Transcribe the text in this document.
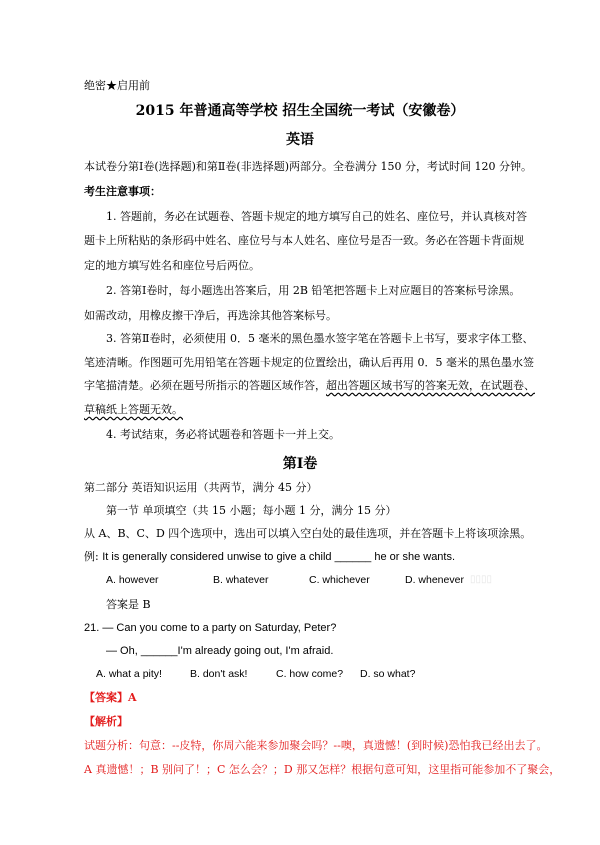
绝密★启用前
2015 年普通高等学校 招生全国统一考试（安徽卷）
英语
本试卷分第Ⅰ卷(选择题)和第Ⅱ卷(非选择题)两部分。全卷满分 150 分，考试时间 120 分钟。
考生注意事项：
1. 答题前，务必在试题卷、答题卡规定的地方填写自己的姓名、座位号，并认真核对答
题卡上所粘贴的条形码中姓名、座位号与本人姓名、座位号是否一致。务必在答题卡背面规
定的地方填写姓名和座位号后两位。
2. 答第Ⅰ卷时，每小题选出答案后，用 2B 铅笔把答题卡上对应题目的答案标号涂黑。
如需改动，用橡皮擦干净后，再选涂其他答案标号。
3. 答第Ⅱ卷时，必须使用 0．5 毫米的黑色墨水签字笔在答题卡上书写，要求字体工整、
笔迹清晰。作图题可先用铅笔在答题卡规定的位置绘出，确认后再用 0．5 毫米的黑色墨水签
字笔描清楚。必须在题号所指示的答题区域作答，超出答题区域书写的答案无效，在试题卷、
草稿纸上答题无效。
4. 考试结束，务必将试题卷和答题卡一并上交。
第Ⅰ卷
第二部分 英语知识运用（共两节，满分 45 分）
第一节 单项填空（共 15 小题；每小题 1 分，满分 15 分）
从 A、B、C、D 四个选项中，选出可以填入空白处的最佳选项，并在答题卡上将该项涂黑。
例: It is generally considered unwise to give a child ______ he or she wants.
A. however	B. whatever	C. whichever	D. whenever ▯▯▯▯
答案是 B
21. — Can you come to a party on Saturday, Peter?
— Oh, ______I'm already going out, I'm afraid.
A. what a pity!	B. don't ask!	C. how come? D. so what?
【答案】A
【解析】
试题分析：句意：--皮特，你周六能来参加聚会吗？--噢，真遗憾！(到时候)恐怕我已经出去了。
A 真遗憾！；B 别问了！；C 怎么会？；D 那又怎样？根据句意可知，这里指可能参加不了聚会，
